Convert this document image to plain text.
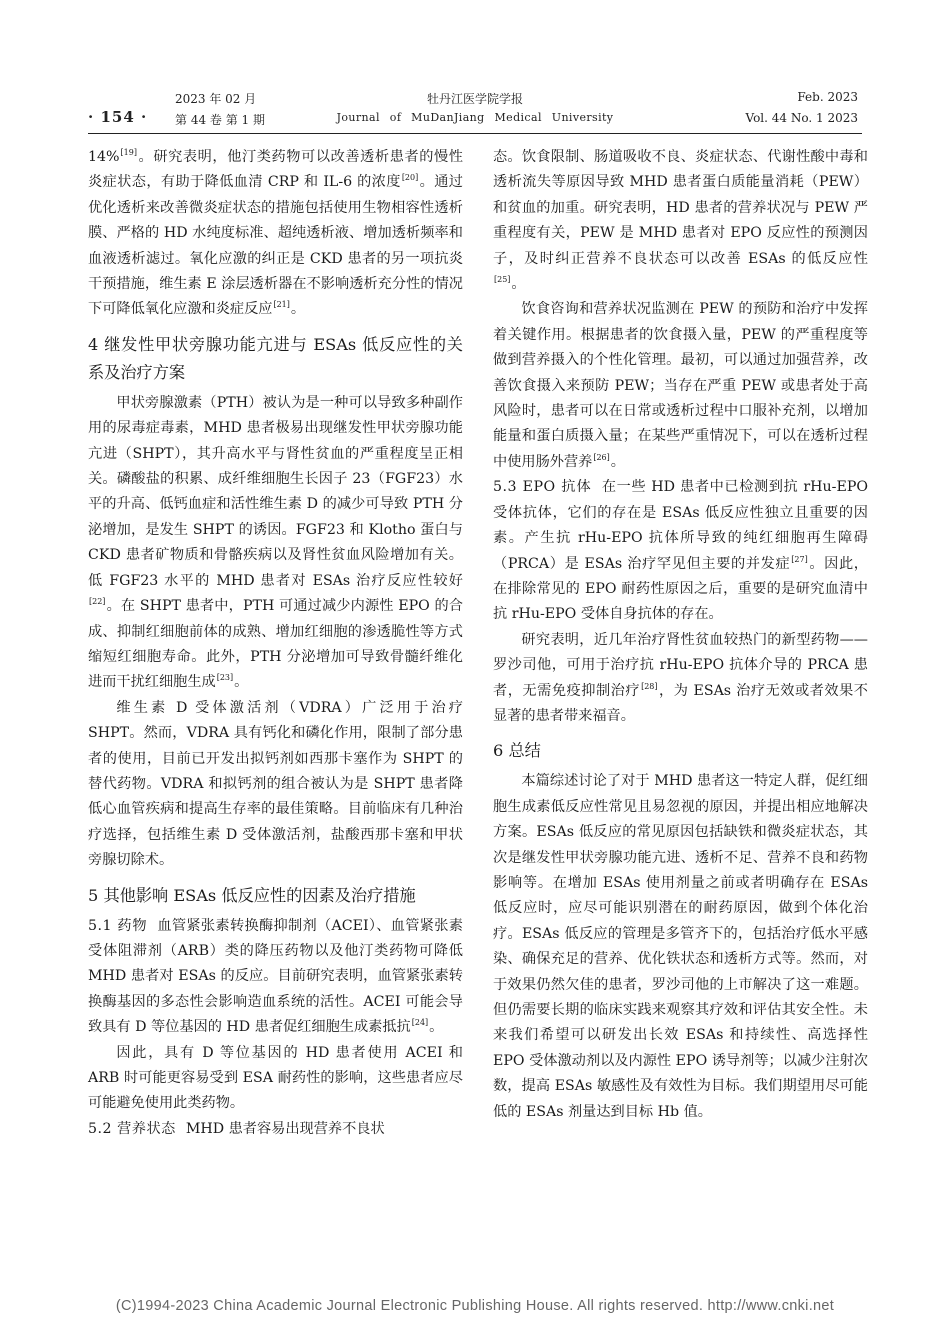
· 154 ·
2023 年 02 月
第 44 卷 第 1 期
牡丹江医学院学报
Journal of MuDanJiang Medical University
Feb. 2023
Vol. 44 No. 1 2023

14%[19]。研究表明，他汀类药物可以改善透析患者的慢性炎症状态，有助于降低血清 CRP 和 IL-6 的浓度[20]。通过优化透析来改善微炎症状态的措施包括使用生物相容性透析膜、严格的 HD 水纯度标准、超纯透析液、增加透析频率和血液透析滤过。氧化应激的纠正是 CKD 患者的另一项抗炎干预措施，维生素 E 涂层透析器在不影响透析充分性的情况下可降低氧化应激和炎症反应[21]。

4 继发性甲状旁腺功能亢进与 ESAs 低反应性的关系及治疗方案

甲状旁腺激素（PTH）被认为是一种可以导致多种副作用的尿毒症毒素，MHD 患者极易出现继发性甲状旁腺功能亢进（SHPT），其升高水平与肾性贫血的严重程度呈正相关。磷酸盐的积累、成纤维细胞生长因子 23（FGF23）水平的升高、低钙血症和活性维生素 D 的减少可导致 PTH 分泌增加，是发生 SHPT 的诱因。FGF23 和 Klotho 蛋白与 CKD 患者矿物质和骨骼疾病以及肾性贫血风险增加有关。低 FGF23 水平的 MHD 患者对 ESAs 治疗反应性较好[22]。在 SHPT 患者中，PTH 可通过减少内源性 EPO 的合成、抑制红细胞前体的成熟、增加红细胞的渗透脆性等方式缩短红细胞寿命。此外，PTH 分泌增加可导致骨髓纤维化进而干扰红细胞生成[23]。

维生素 D 受体激活剂（VDRA）广泛用于治疗 SHPT。然而，VDRA 具有钙化和磷化作用，限制了部分患者的使用，目前已开发出拟钙剂如西那卡塞作为 SHPT 的替代药物。VDRA 和拟钙剂的组合被认为是 SHPT 患者降低心血管疾病和提高生存率的最佳策略。目前临床有几种治疗选择，包括维生素 D 受体激活剂，盐酸西那卡塞和甲状旁腺切除术。

5 其他影响 ESAs 低反应性的因素及治疗措施

5.1 药物 血管紧张素转换酶抑制剂（ACEI）、血管紧张素受体阻滞剂（ARB）类的降压药物以及他汀类药物可降低 MHD 患者对 ESAs 的反应。目前研究表明，血管紧张素转换酶基因的多态性会影响造血系统的活性。ACEI 可能会导致具有 D 等位基因的 HD 患者促红细胞生成素抵抗[24]。

因此，具有 D 等位基因的 HD 患者使用 ACEI 和 ARB 时可能更容易受到 ESA 耐药性的影响，这些患者应尽可能避免使用此类药物。

5.2 营养状态 MHD 患者容易出现营养不良状

态。饮食限制、肠道吸收不良、炎症状态、代谢性酸中毒和透析流失等原因导致 MHD 患者蛋白质能量消耗（PEW）和贫血的加重。研究表明，HD 患者的营养状况与 PEW 严重程度有关，PEW 是 MHD 患者对 EPO 反应性的预测因子，及时纠正营养不良状态可以改善 ESAs 的低反应性[25]。

饮食咨询和营养状况监测在 PEW 的预防和治疗中发挥着关键作用。根据患者的饮食摄入量，PEW 的严重程度等做到营养摄入的个性化管理。最初，可以通过加强营养，改善饮食摄入来预防 PEW；当存在严重 PEW 或患者处于高风险时，患者可以在日常或透析过程中口服补充剂，以增加能量和蛋白质摄入量；在某些严重情况下，可以在透析过程中使用肠外营养[26]。

5.3 EPO 抗体 在一些 HD 患者中已检测到抗 rHu-EPO 受体抗体，它们的存在是 ESAs 低反应性独立且重要的因素。产生抗 rHu-EPO 抗体所导致的纯红细胞再生障碍（PRCA）是 ESAs 治疗罕见但主要的并发症[27]。因此，在排除常见的 EPO 耐药性原因之后，重要的是研究血清中抗 rHu-EPO 受体自身抗体的存在。

研究表明，近几年治疗肾性贫血较热门的新型药物——罗沙司他，可用于治疗抗 rHu-EPO 抗体介导的 PRCA 患者，无需免疫抑制治疗[28]，为 ESAs 治疗无效或者效果不显著的患者带来福音。

6 总结

本篇综述讨论了对于 MHD 患者这一特定人群，促红细胞生成素低反应性常见且易忽视的原因，并提出相应地解决方案。ESAs 低反应的常见原因包括缺铁和微炎症状态，其次是继发性甲状旁腺功能亢进、透析不足、营养不良和药物影响等。在增加 ESAs 使用剂量之前或者明确存在 ESAs 低反应时，应尽可能识别潜在的耐药原因，做到个体化治疗。ESAs 低反应的管理是多管齐下的，包括治疗低水平感染、确保充足的营养、优化铁状态和透析方式等。然而，对于效果仍然欠佳的患者，罗沙司他的上市解决了这一难题。但仍需要长期的临床实践来观察其疗效和评估其安全性。未来我们希望可以研发出长效 ESAs 和持续性、高选择性 EPO 受体激动剂以及内源性 EPO 诱导剂等；以减少注射次数，提高 ESAs 敏感性及有效性为目标。我们期望用尽可能低的 ESAs 剂量达到目标 Hb 值。

(C)1994-2023 China Academic Journal Electronic Publishing House. All rights reserved. http://www.cnki.net
